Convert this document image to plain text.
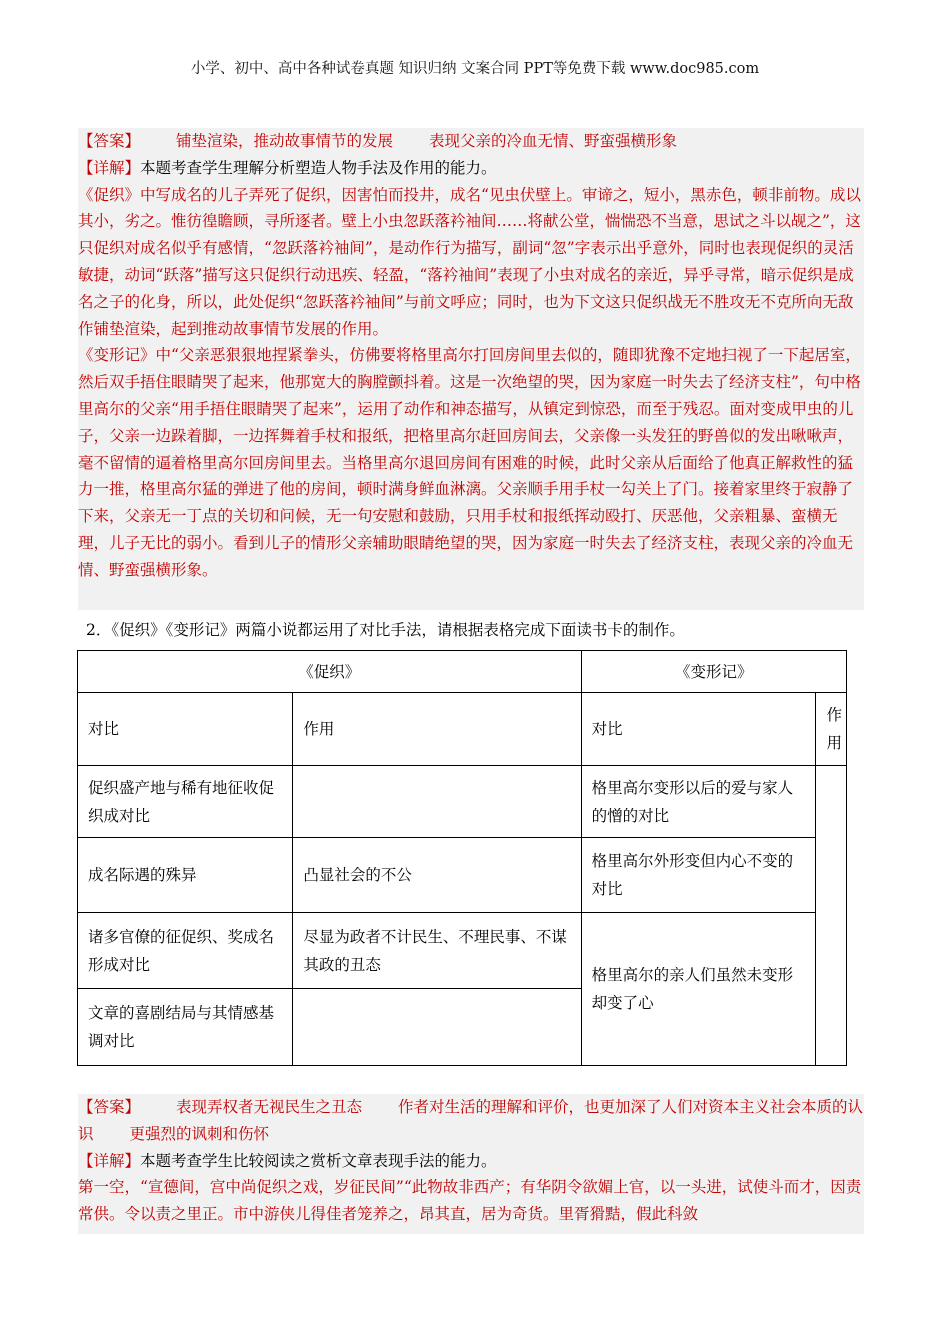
小学、初中、高中各种试卷真题 知识归纳 文案合同 PPT等免费下载 www.doc985.com

【答案】 铺垫渲染，推动故事情节的发展 表现父亲的冷血无情、野蛮强横形象

【详解】本题考查学生理解分析塑造人物手法及作用的能力。

《促织》中写成名的儿子弄死了促织，因害怕而投井，成名“见虫伏壁上。审谛之，短小，黑赤色，顿非前物。成以其小，劣之。惟彷徨瞻顾，寻所逐者。壁上小虫忽跃落衿袖间……将献公堂，惴惴恐不当意，思试之斗以觇之”，这只促织对成名似乎有感情，“忽跃落衿袖间”，是动作行为描写，副词“忽”字表示出乎意外，同时也表现促织的灵活敏捷，动词“跃落”描写这只促织行动迅疾、轻盈，“落衿袖间”表现了小虫对成名的亲近，异乎寻常，暗示促织是成名之子的化身，所以，此处促织“忽跃落衿袖间”与前文呼应；同时，也为下文这只促织战无不胜攻无不克所向无敌作铺垫渲染，起到推动故事情节发展的作用。

《变形记》中“父亲恶狠狠地捏紧拳头，仿佛要将格里高尔打回房间里去似的，随即犹豫不定地扫视了一下起居室，然后双手捂住眼睛哭了起来，他那宽大的胸膛颤抖着。这是一次绝望的哭，因为家庭一时失去了经济支柱”，句中格里高尔的父亲“用手捂住眼睛哭了起来”，运用了动作和神态描写，从镇定到惊恐，而至于残忍。面对变成甲虫的儿子，父亲一边跺着脚，一边挥舞着手杖和报纸，把格里高尔赶回房间去，父亲像一头发狂的野兽似的发出啾啾声，毫不留情的逼着格里高尔回房间里去。当格里高尔退回房间有困难的时候，此时父亲从后面给了他真正解救性的猛力一推，格里高尔猛的弹进了他的房间，顿时满身鲜血淋漓。父亲顺手用手杖一勾关上了门。接着家里终于寂静了下来，父亲无一丁点的关切和问候，无一句安慰和鼓励，只用手杖和报纸挥动殴打、厌恶他，父亲粗暴、蛮横无理，儿子无比的弱小。看到儿子的情形父亲辅助眼睛绝望的哭，因为家庭一时失去了经济支柱，表现父亲的冷血无情、野蛮强横形象。

2．《促织》《变形记》两篇小说都运用了对比手法，请根据表格完成下面读书卡的制作。
《促织》		《变形记》	
对比	作用	对比	作用
促织盛产地与稀有地征收促织成对比		格里高尔变形以后的爱与家人的憎的对比	
成名际遇的殊异	凸显社会的不公	格里高尔外形变但内心不变的对比	
诸多官僚的征促织、奖成名形成对比	尽显为政者不计民生、不理民事、不谋其政的丑态	格里高尔的亲人们虽然未变形却变了心	
文章的喜剧结局与其情感基调对比			

【答案】 表现弄权者无视民生之丑态 作者对生活的理解和评价，也更加深了人们对资本主义社会本质的认识 更强烈的讽刺和伤怀

【详解】本题考查学生比较阅读之赏析文章表现手法的能力。

第一空，“宣德间，宫中尚促织之戏，岁征民间”“此物故非西产；有华阴令欲媚上官，以一头进，试使斗而才，因责常供。令以责之里正。市中游侠儿得佳者笼养之，昂其直，居为奇货。里胥猾黠，假此科敛
